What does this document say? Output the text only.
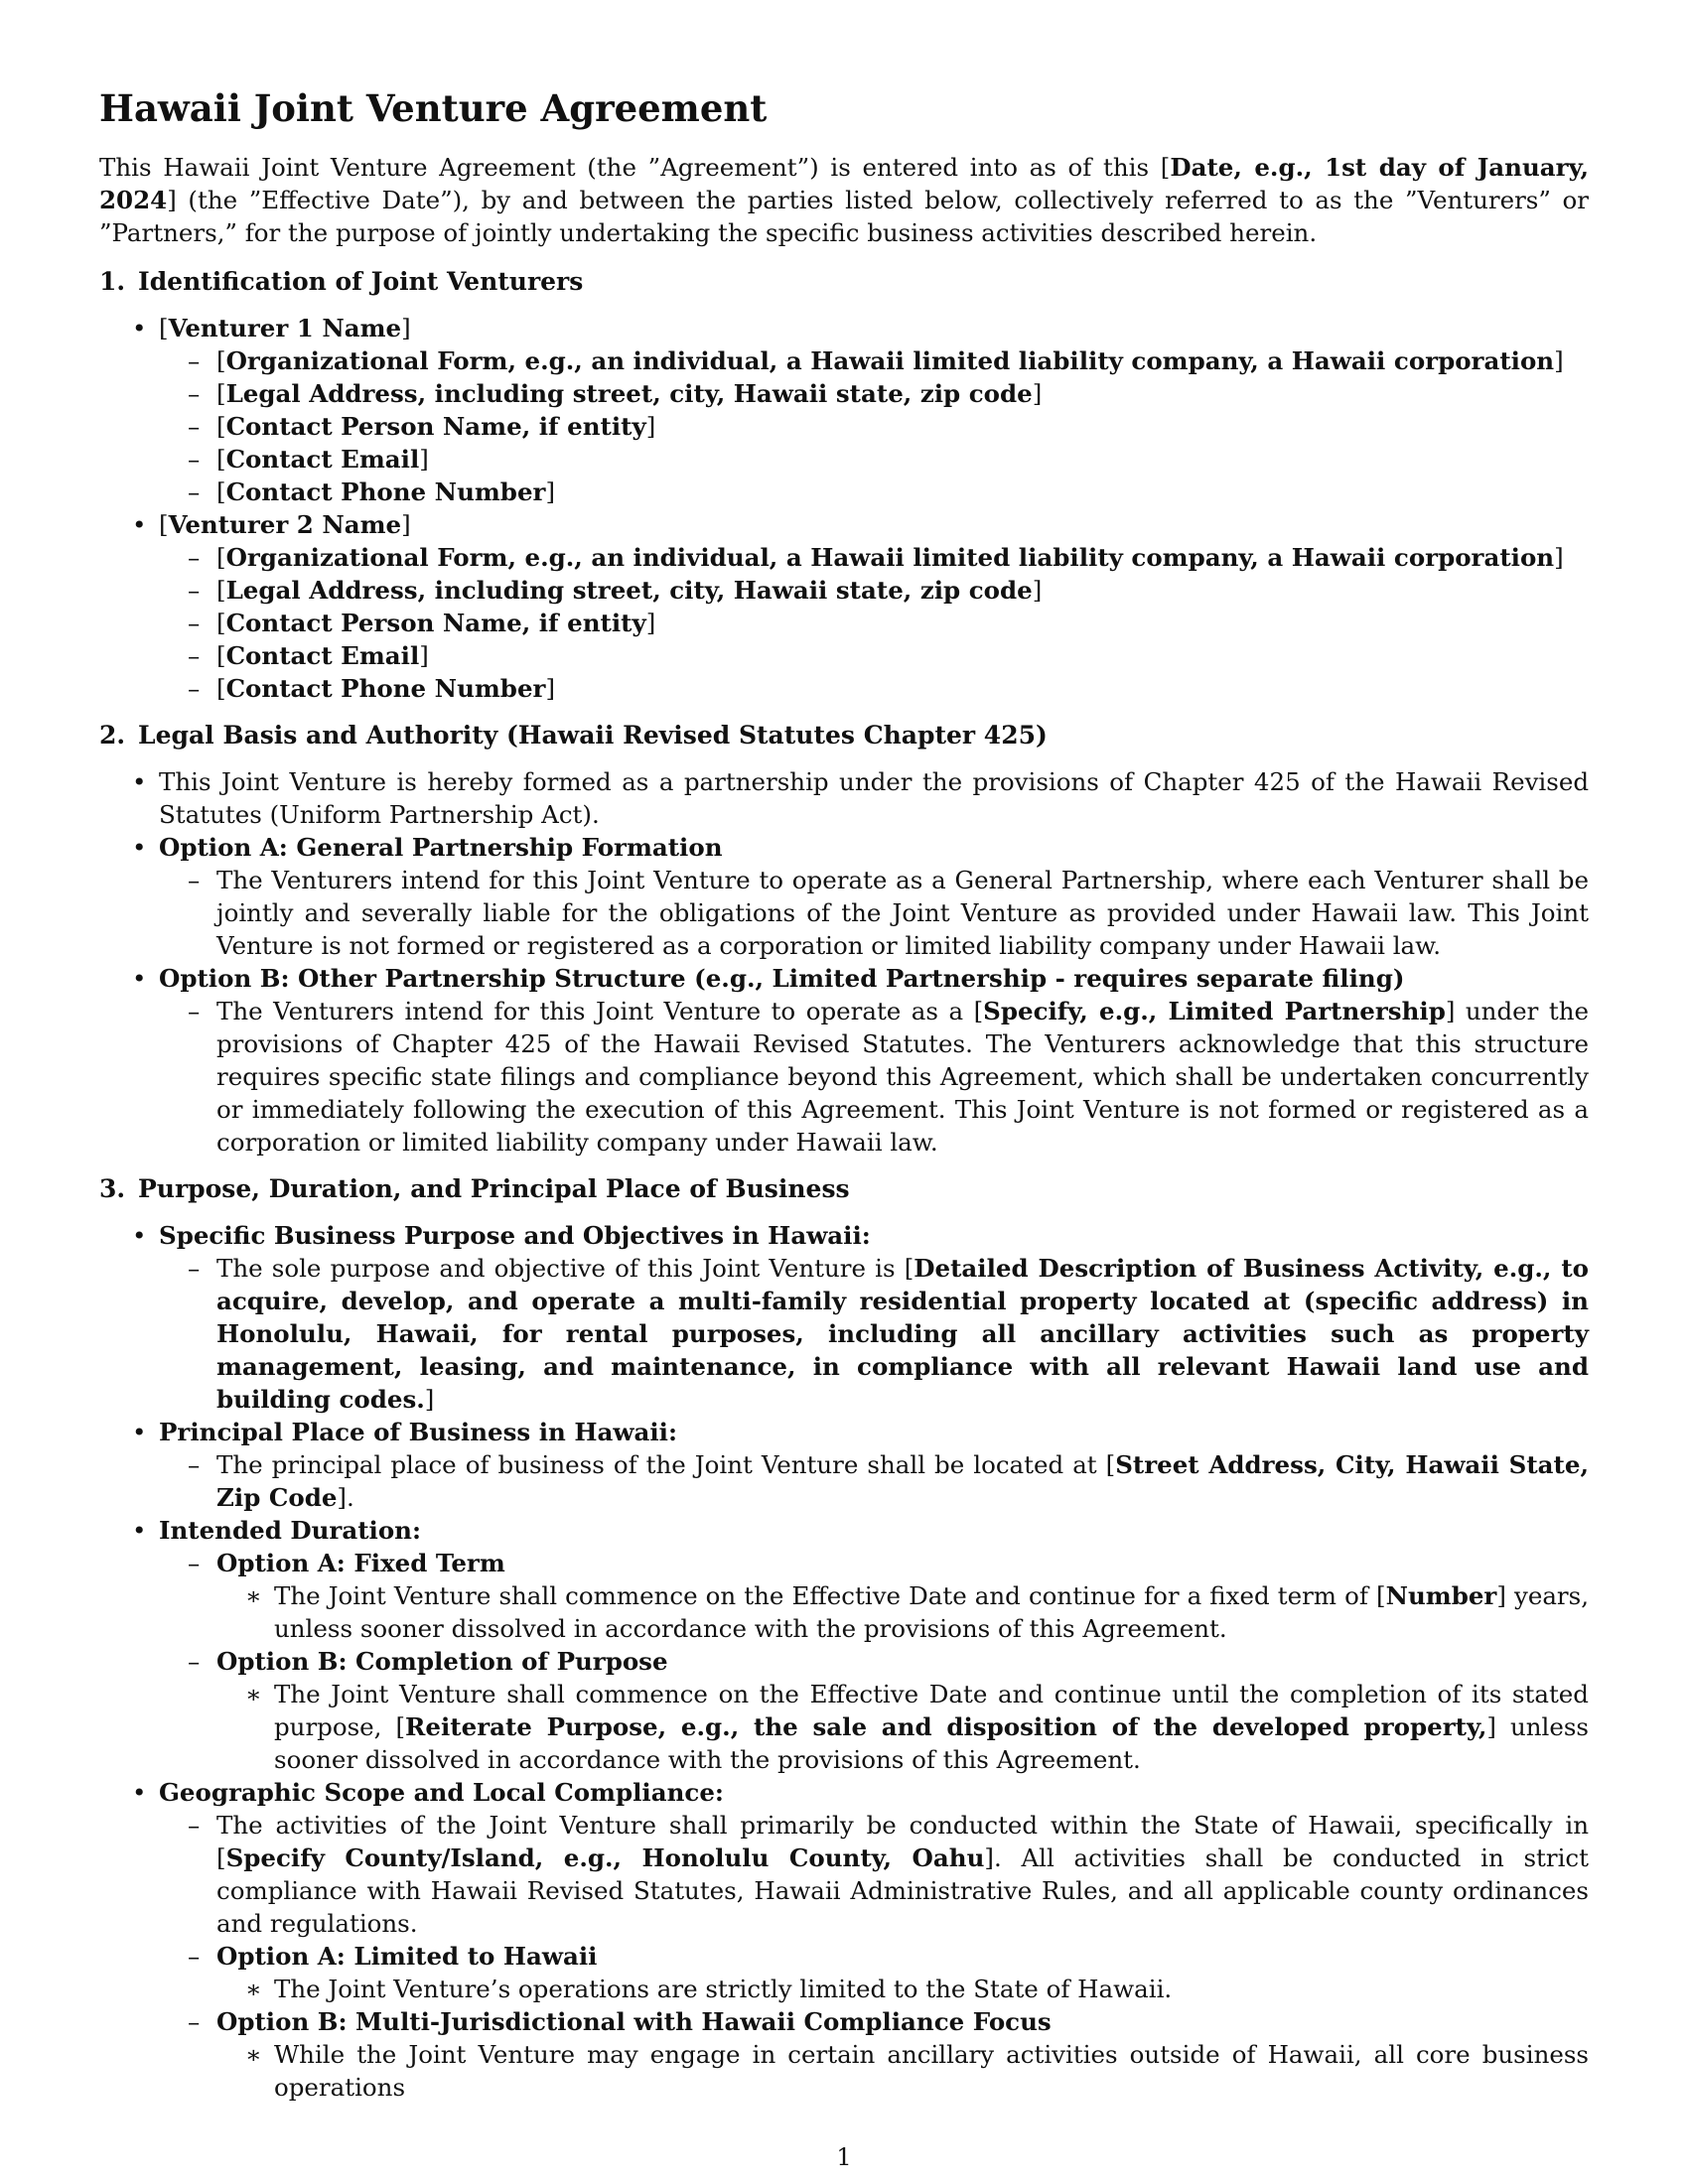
Hawaii Joint Venture Agreement

This Hawaii Joint Venture Agreement (the ”Agreement”) is entered into as of this [Date, e.g., 1st day of January, 2024] (the ”Effective Date”), by and between the parties listed below, collectively referred to as the ”Venturers” or ”Partners,” for the purpose of jointly undertaking the specific business activities described herein.

1. Identification of Joint Venturers
• [Venturer 1 Name]
– [Organizational Form, e.g., an individual, a Hawaii limited liability company, a Hawaii corporation]
– [Legal Address, including street, city, Hawaii state, zip code]
– [Contact Person Name, if entity]
– [Contact Email]
– [Contact Phone Number]
• [Venturer 2 Name]
– [Organizational Form, e.g., an individual, a Hawaii limited liability company, a Hawaii corporation]
– [Legal Address, including street, city, Hawaii state, zip code]
– [Contact Person Name, if entity]
– [Contact Email]
– [Contact Phone Number]
2. Legal Basis and Authority (Hawaii Revised Statutes Chapter 425)
• This Joint Venture is hereby formed as a partnership under the provisions of Chapter 425 of the Hawaii Revised Statutes (Uniform Partnership Act).
• Option A: General Partnership Formation
– The Venturers intend for this Joint Venture to operate as a General Partnership, where each Venturer shall be jointly and severally liable for the obligations of the Joint Venture as provided under Hawaii law. This Joint Venture is not formed or registered as a corporation or limited liability company under Hawaii law.
• Option B: Other Partnership Structure (e.g., Limited Partnership - requires separate filing)
– The Venturers intend for this Joint Venture to operate as a [Specify, e.g., Limited Partnership] under the provisions of Chapter 425 of the Hawaii Revised Statutes. The Venturers acknowledge that this structure requires specific state filings and compliance beyond this Agreement, which shall be undertaken concurrently or immediately following the execution of this Agreement. This Joint Venture is not formed or registered as a corporation or limited liability company under Hawaii law.
3. Purpose, Duration, and Principal Place of Business
• Specific Business Purpose and Objectives in Hawaii:
– The sole purpose and objective of this Joint Venture is [Detailed Description of Business Activity, e.g., to acquire, develop, and operate a multi-family residential property located at (specific address) in Honolulu, Hawaii, for rental purposes, including all ancillary activities such as property management, leasing, and maintenance, in compliance with all relevant Hawaii land use and building codes.]
• Principal Place of Business in Hawaii:
– The principal place of business of the Joint Venture shall be located at [Street Address, City, Hawaii State, Zip Code].
• Intended Duration:
– Option A: Fixed Term
∗ The Joint Venture shall commence on the Effective Date and continue for a fixed term of [Number] years, unless sooner dissolved in accordance with the provisions of this Agreement.
– Option B: Completion of Purpose
∗ The Joint Venture shall commence on the Effective Date and continue until the completion of its stated purpose, [Reiterate Purpose, e.g., the sale and disposition of the developed property,] unless sooner dissolved in accordance with the provisions of this Agreement.
• Geographic Scope and Local Compliance:
– The activities of the Joint Venture shall primarily be conducted within the State of Hawaii, specifically in [Specify County/Island, e.g., Honolulu County, Oahu]. All activities shall be conducted in strict compliance with Hawaii Revised Statutes, Hawaii Administrative Rules, and all applicable county ordinances and regulations.
– Option A: Limited to Hawaii
∗ The Joint Venture’s operations are strictly limited to the State of Hawaii.
– Option B: Multi-Jurisdictional with Hawaii Compliance Focus
∗ While the Joint Venture may engage in certain ancillary activities outside of Hawaii, all core business operations
1
